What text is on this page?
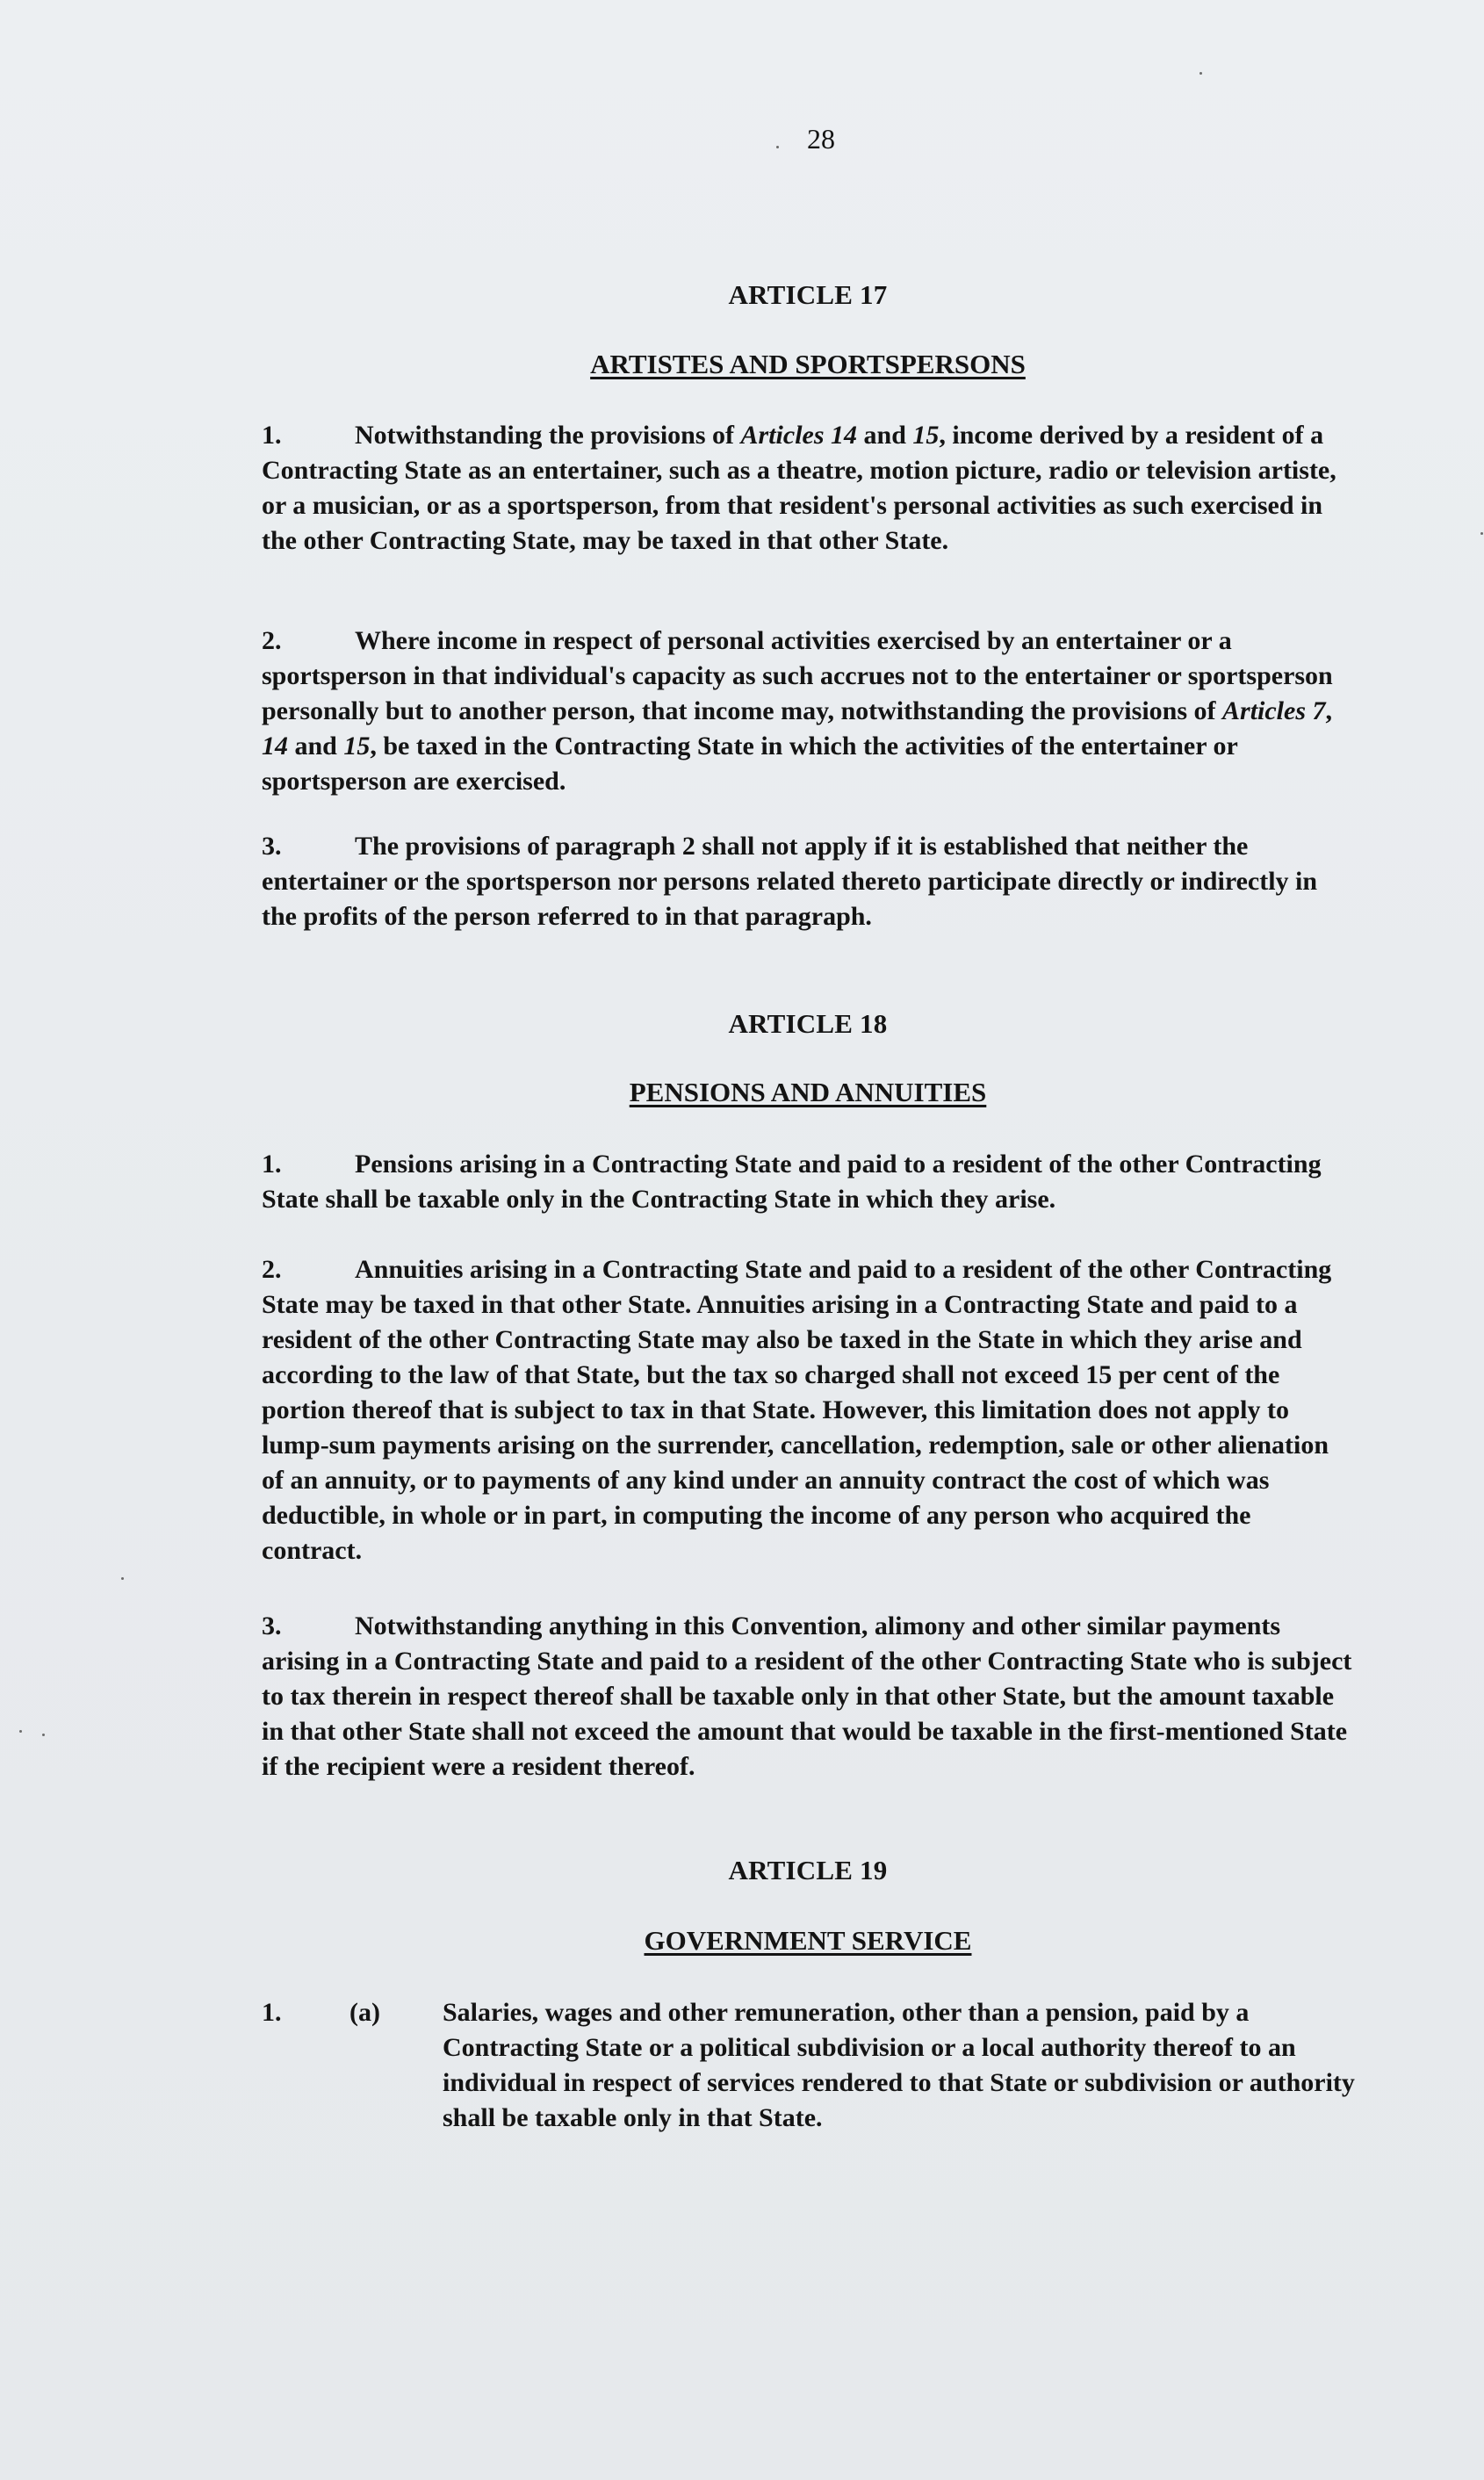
28
ARTICLE 17
ARTISTES AND SPORTSPERSONS
1.	Notwithstanding the provisions of Articles 14 and 15, income derived by a resident of a Contracting State as an entertainer, such as a theatre, motion picture, radio or television artiste, or a musician, or as a sportsperson, from that resident's personal activities as such exercised in the other Contracting State, may be taxed in that other State.
2.	Where income in respect of personal activities exercised by an entertainer or a sportsperson in that individual's capacity as such accrues not to the entertainer or sportsperson personally but to another person, that income may, notwithstanding the provisions of Articles 7, 14 and 15, be taxed in the Contracting State in which the activities of the entertainer or sportsperson are exercised.
3.	The provisions of paragraph 2 shall not apply if it is established that neither the entertainer or the sportsperson nor persons related thereto participate directly or indirectly in the profits of the person referred to in that paragraph.
ARTICLE 18
PENSIONS AND ANNUITIES
1.	Pensions arising in a Contracting State and paid to a resident of the other Contracting State shall be taxable only in the Contracting State in which they arise.
2.	Annuities arising in a Contracting State and paid to a resident of the other Contracting State may be taxed in that other State. Annuities arising in a Contracting State and paid to a resident of the other Contracting State may also be taxed in the State in which they arise and according to the law of that State, but the tax so charged shall not exceed 15 per cent of the portion thereof that is subject to tax in that State. However, this limitation does not apply to lump-sum payments arising on the surrender, cancellation, redemption, sale or other alienation of an annuity, or to payments of any kind under an annuity contract the cost of which was deductible, in whole or in part, in computing the income of any person who acquired the contract.
3.	Notwithstanding anything in this Convention, alimony and other similar payments arising in a Contracting State and paid to a resident of the other Contracting State who is subject to tax therein in respect thereof shall be taxable only in that other State, but the amount taxable in that other State shall not exceed the amount that would be taxable in the first-mentioned State if the recipient were a resident thereof.
ARTICLE 19
GOVERNMENT SERVICE
1.	(a) Salaries, wages and other remuneration, other than a pension, paid by a Contracting State or a political subdivision or a local authority thereof to an individual in respect of services rendered to that State or subdivision or authority shall be taxable only in that State.
